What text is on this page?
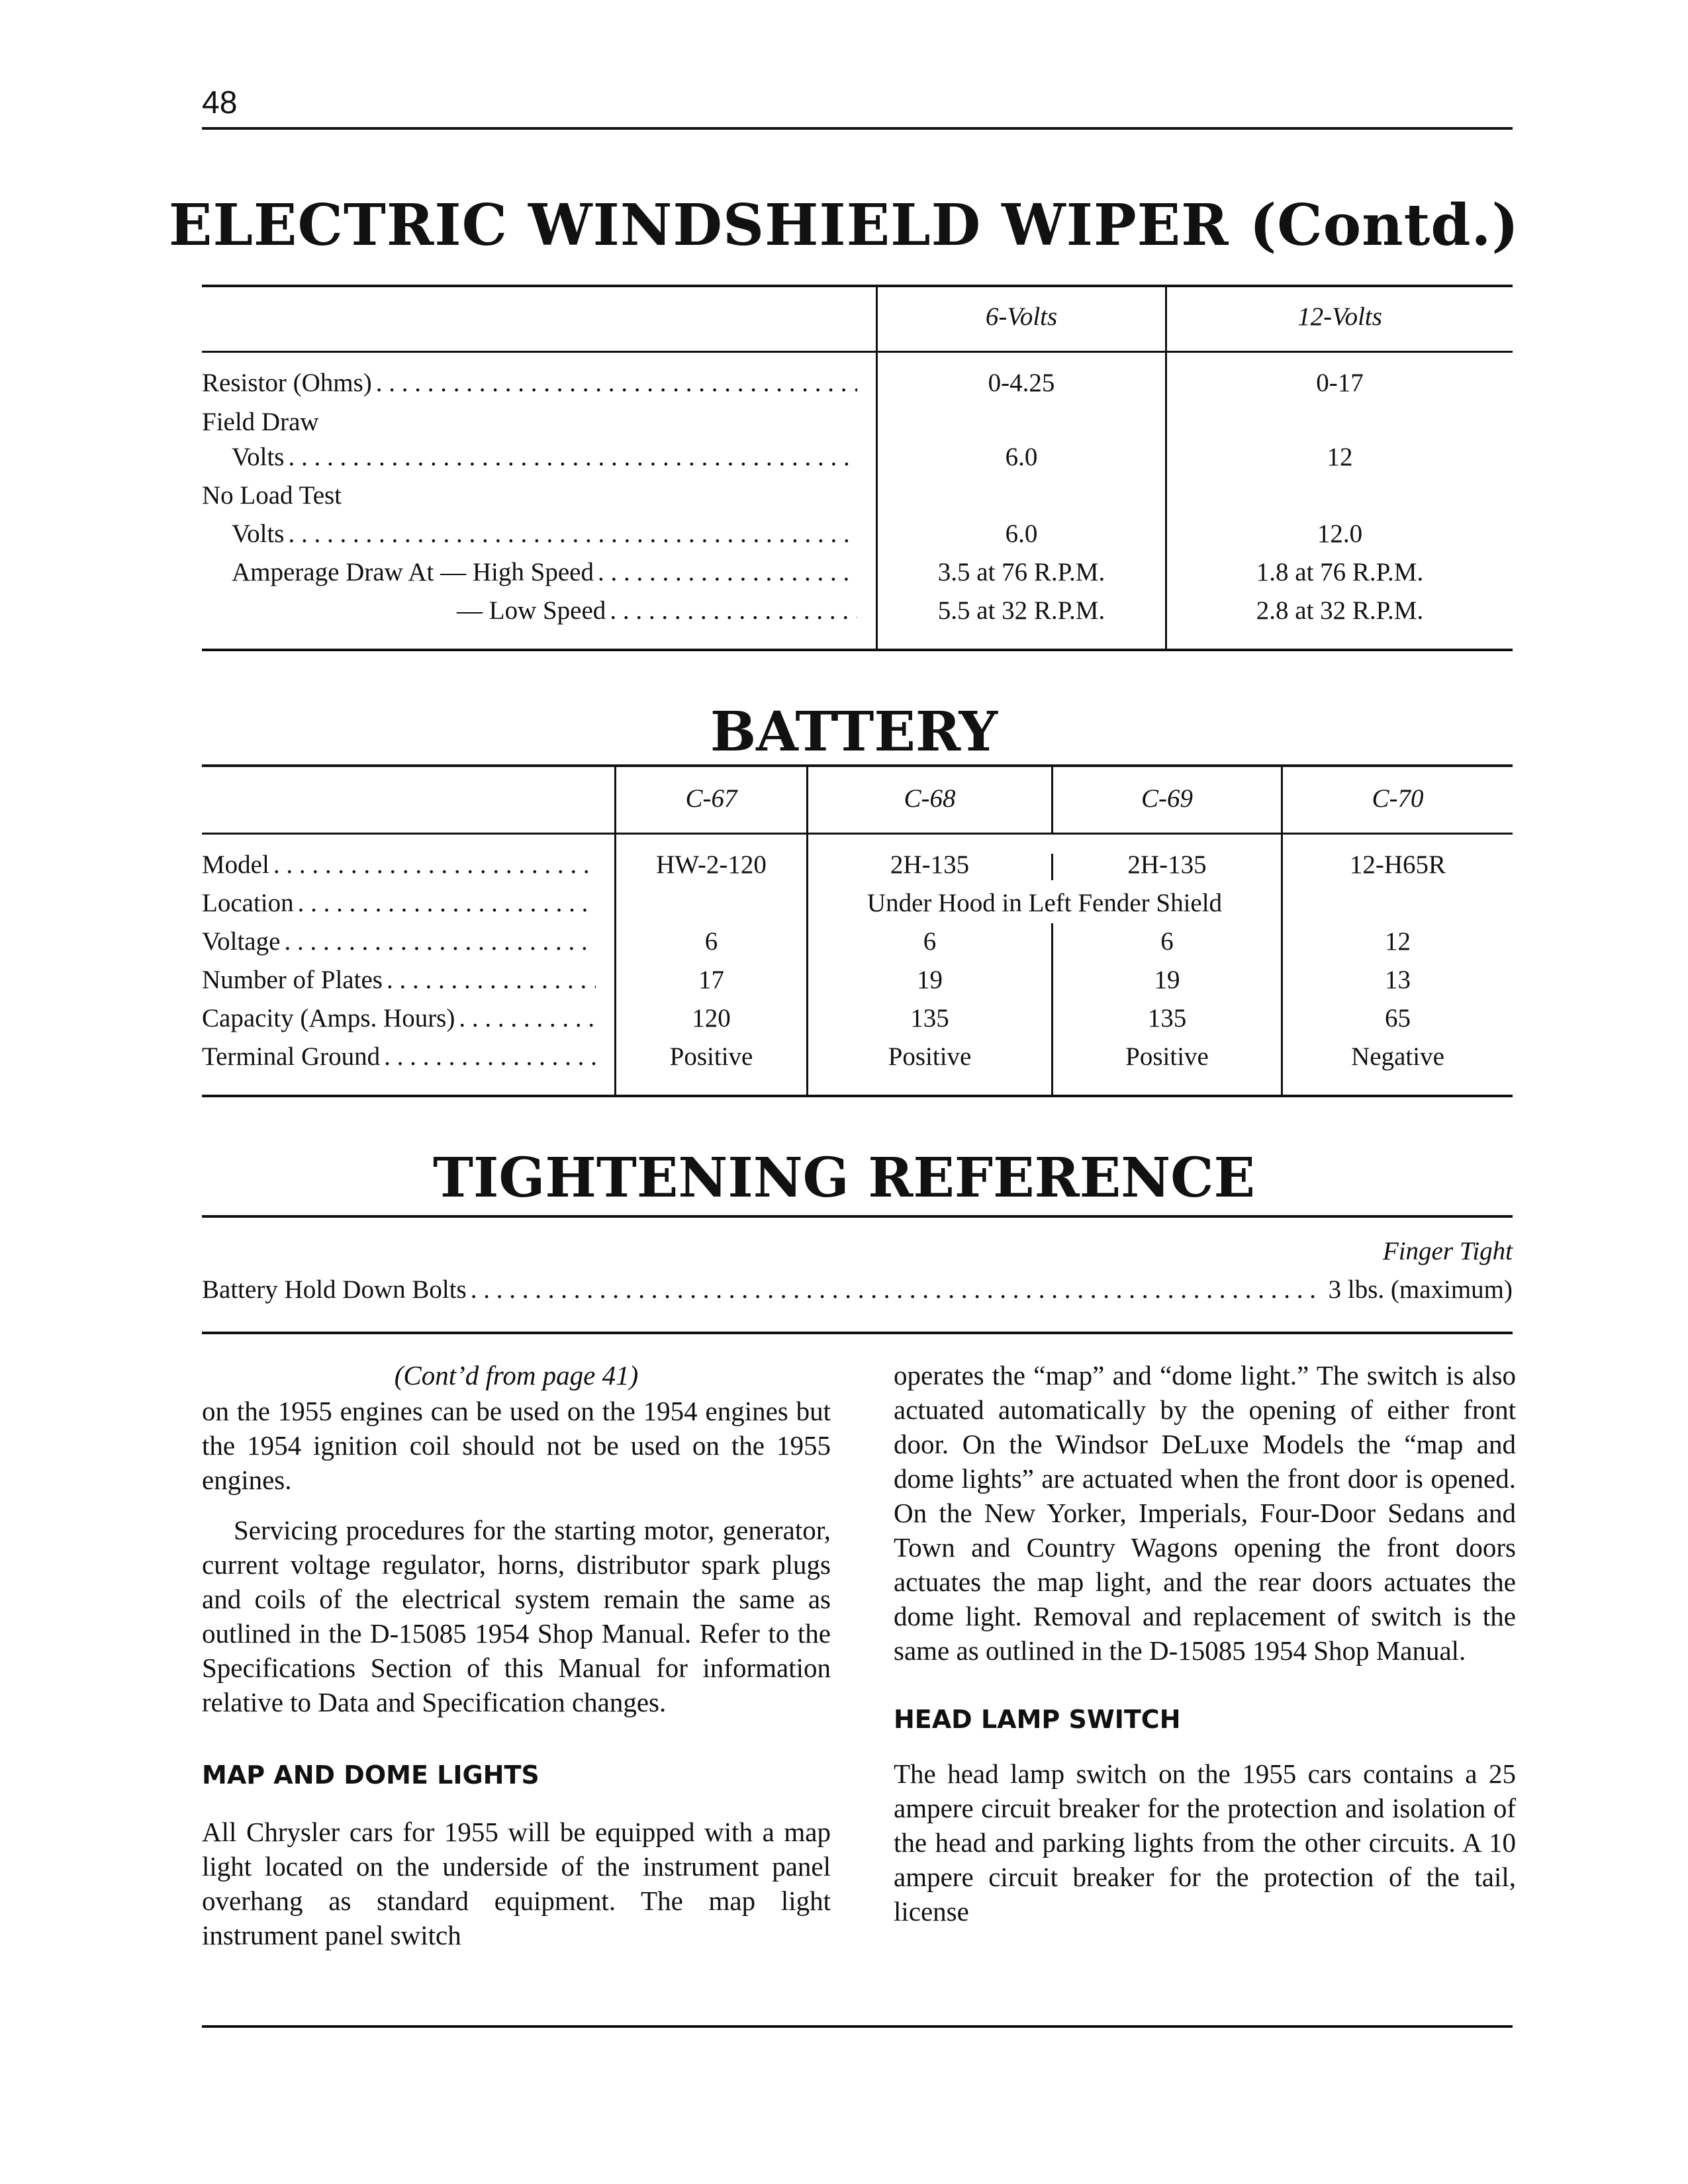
48
ELECTRIC WINDSHIELD WIPER (Contd.)
6-Volts	12-Volts
Resistor (Ohms) . . .	0-4.25	0-17
Field Draw
Volts . . .	6.0	12
No Load Test
Volts . . .	6.0	12.0
Amperage Draw At — High Speed . . .	3.5 at 76 R.P.M.	1.8 at 76 R.P.M.
— Low Speed . . .	5.5 at 32 R.P.M.	2.8 at 32 R.P.M.
BATTERY
C-67	C-68	C-69	C-70
Model . . .	HW-2-120	2H-135	2H-135	12-H65R
Location . . .	Under Hood in Left Fender Shield
Voltage . . .	6	6	6	12
Number of Plates . . .	17	19	19	13
Capacity (Amps. Hours) . . .	120	135	135	65
Terminal Ground . . .	Positive	Positive	Positive	Negative
TIGHTENING REFERENCE
Finger Tight
Battery Hold Down Bolts . . .	3 lbs. (maximum)

(Cont’d from page 41)

on the 1955 engines can be used on the 1954 engines but the 1954 ignition coil should not be used on the 1955 engines.

Servicing procedures for the starting motor, generator, current voltage regulator, horns, distributor spark plugs and coils of the electrical system remain the same as outlined in the D-15085 1954 Shop Manual. Refer to the Specifications Section of this Manual for information relative to Data and Specification changes.

MAP AND DOME LIGHTS

All Chrysler cars for 1955 will be equipped with a map light located on the underside of the instrument panel overhang as standard equipment. The map light instrument panel switch

operates the “map” and “dome light.” The switch is also actuated automatically by the opening of either front door. On the Windsor DeLuxe Models the “map and dome lights” are actuated when the front door is opened. On the New Yorker, Imperials, Four-Door Sedans and Town and Country Wagons opening the front doors actuates the map light, and the rear doors actuates the dome light. Removal and replacement of switch is the same as outlined in the D-15085 1954 Shop Manual.

HEAD LAMP SWITCH

The head lamp switch on the 1955 cars contains a 25 ampere circuit breaker for the protection and isolation of the head and parking lights from the other circuits. A 10 ampere circuit breaker for the protection of the tail, license
